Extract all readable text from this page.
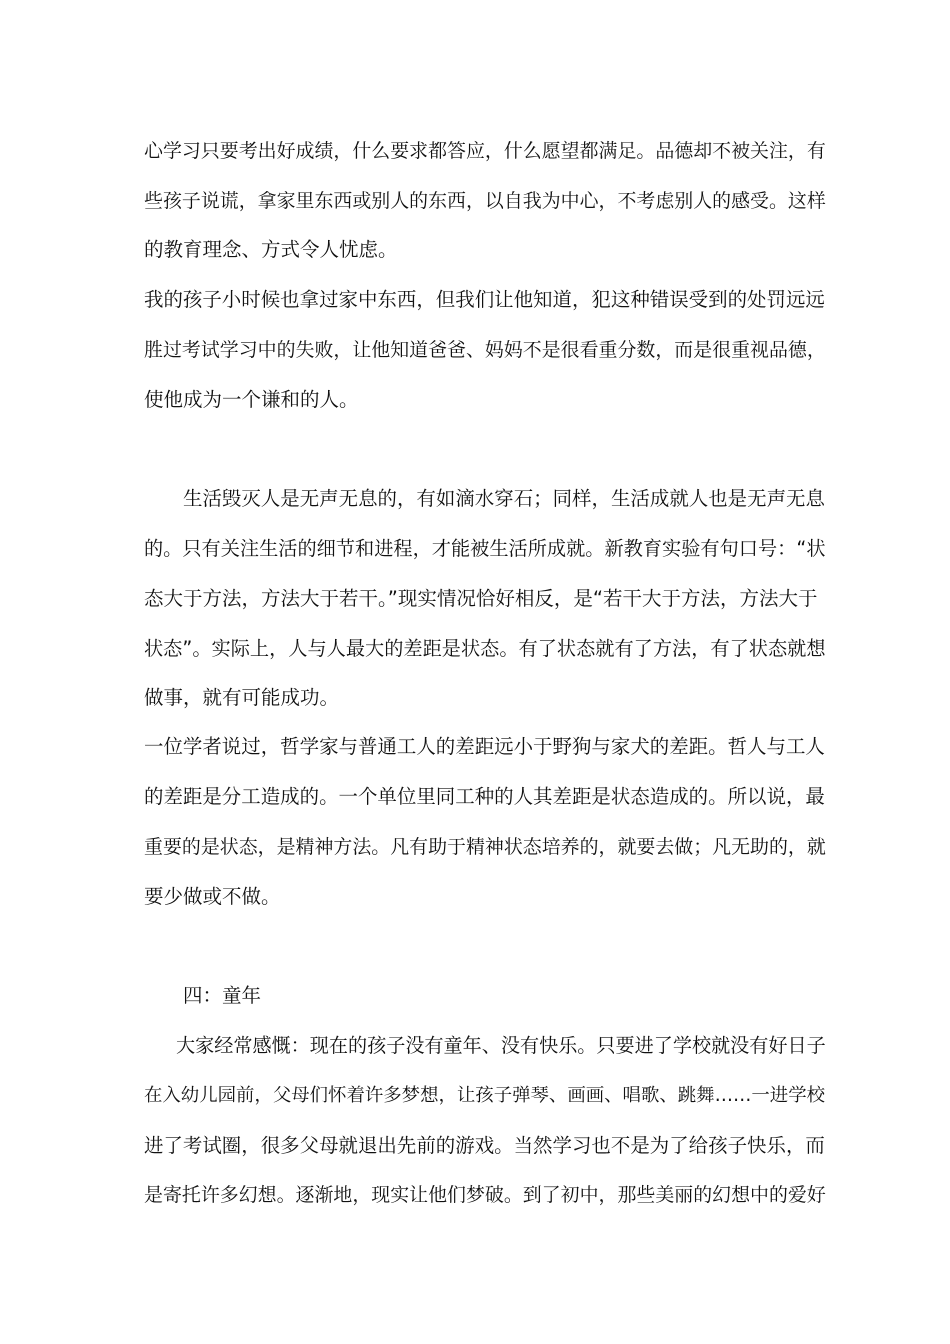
心学习只要考出好成绩，什么要求都答应，什么愿望都满足。品德却不被关注，有
些孩子说谎，拿家里东西或别人的东西，以自我为中心，不考虑别人的感受。这样
的教育理念、方式令人忧虑。
我的孩子小时候也拿过家中东西，但我们让他知道，犯这种错误受到的处罚远远
胜过考试学习中的失败，让他知道爸爸、妈妈不是很看重分数，而是很重视品德，
使他成为一个谦和的人。
生活毁灭人是无声无息的，有如滴水穿石；同样，生活成就人也是无声无息
的。只有关注生活的细节和进程，才能被生活所成就。新教育实验有句口号：“状
态大于方法，方法大于若干。”现实情况恰好相反，是“若干大于方法，方法大于
状态”。实际上，人与人最大的差距是状态。有了状态就有了方法，有了状态就想
做事，就有可能成功。
一位学者说过，哲学家与普通工人的差距远小于野狗与家犬的差距。哲人与工人
的差距是分工造成的。一个单位里同工种的人其差距是状态造成的。所以说，最
重要的是状态，是精神方法。凡有助于精神状态培养的，就要去做；凡无助的，就
要少做或不做。
四：童年
大家经常感慨：现在的孩子没有童年、没有快乐。只要进了学校就没有好日子
在入幼儿园前，父母们怀着许多梦想，让孩子弹琴、画画、唱歌、跳舞……一进学校
进了考试圈，很多父母就退出先前的游戏。当然学习也不是为了给孩子快乐，而
是寄托许多幻想。逐渐地，现实让他们梦破。到了初中，那些美丽的幻想中的爱好
